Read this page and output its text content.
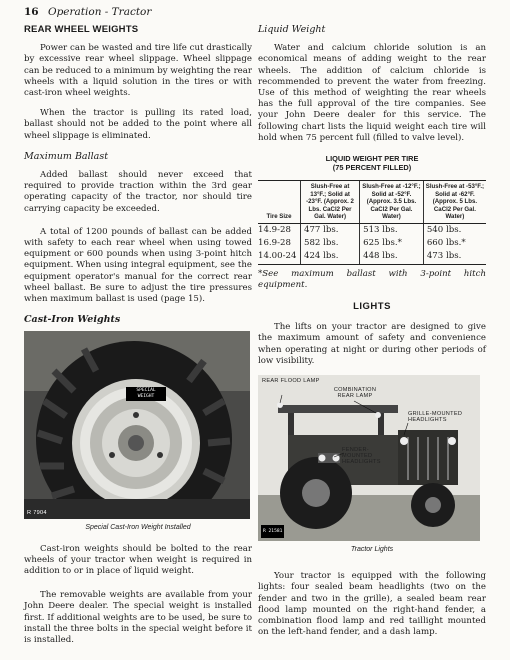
16 Operation - Tractor
REAR WHEEL WEIGHTS

Power can be wasted and tire life cut drastically by excessive rear wheel slippage. Wheel slippage can be reduced to a minimum by weighting the rear wheels with a liquid solution in the tires or with cast-iron wheel weights.

When the tractor is pulling its rated load, ballast should not be added to the point where all wheel slippage is eliminated.

Maximum Ballast

Added ballast should never exceed that required to provide traction within the 3rd gear operating capacity of the tractor, nor should tire carrying capacity be exceeded.

A total of 1200 pounds of ballast can be added with safety to each rear wheel when using towed equipment or 600 pounds when using 3-point hitch equipment. When using integral equipment, see the equipment operator's manual for the correct rear wheel ballast. Be sure to adjust the tire pressures when maximum ballast is used (page 15).

Cast-Iron Weights
SPECIAL WEIGHT
R 7904
Special Cast-Iron Weight Installed

Cast-iron weights should be bolted to the rear wheels of your tractor when weight is required in addition to or in place of liquid weight.

The removable weights are available from your John Deere dealer. The special weight is installed first. If additional weights are to be used, be sure to install the three bolts in the special weight before it is installed.

Liquid Weight

Water and calcium chloride solution is an economical means of adding weight to the rear wheels. The addition of calcium chloride is recommended to prevent the water from freezing. Use of this method of weighting the rear wheels has the full approval of the tire companies. See your John Deere dealer for this service. The following chart lists the liquid weight each tire will hold when 75 percent full (filled to valve level).

LIQUID WEIGHT PER TIRE
(75 PERCENT FILLED)
Tire Size	Slush-Free at 13°F.; Solid at -23°F. (Approx. 2 Lbs. CaCl2 Per Gal. Water)	Slush-Free at -12°F.; Solid at -52°F. (Approx. 3.5 Lbs. CaCl2 Per Gal. Water)	Slush-Free at -53°F.; Solid at -62°F. (Approx. 5 Lbs. CaCl2 Per Gal. Water)
14.9-28	477 lbs.	513 lbs.	540 lbs.
16.9-28	582 lbs.	625 lbs.*	660 lbs.*
14.00-24	424 lbs.	448 lbs.	473 lbs.

*See maximum ballast with 3-point hitch equipment.

LIGHTS

The lifts on your tractor are designed to give the maximum amount of safety and convenience when operating at night or during other periods of low visibility.

REAR FLOOD LAMP
COMBINATION REAR LAMP
GRILLE-MOUNTED HEADLIGHTS
FENDER-MOUNTED HEADLIGHTS
R 21581
Tractor Lights

Your tractor is equipped with the following lights: four sealed beam headlights (two on the fender and two in the grille), a sealed beam rear flood lamp mounted on the right-hand fender, a combination flood lamp and red taillight mounted on the left-hand fender, and a dash lamp.
